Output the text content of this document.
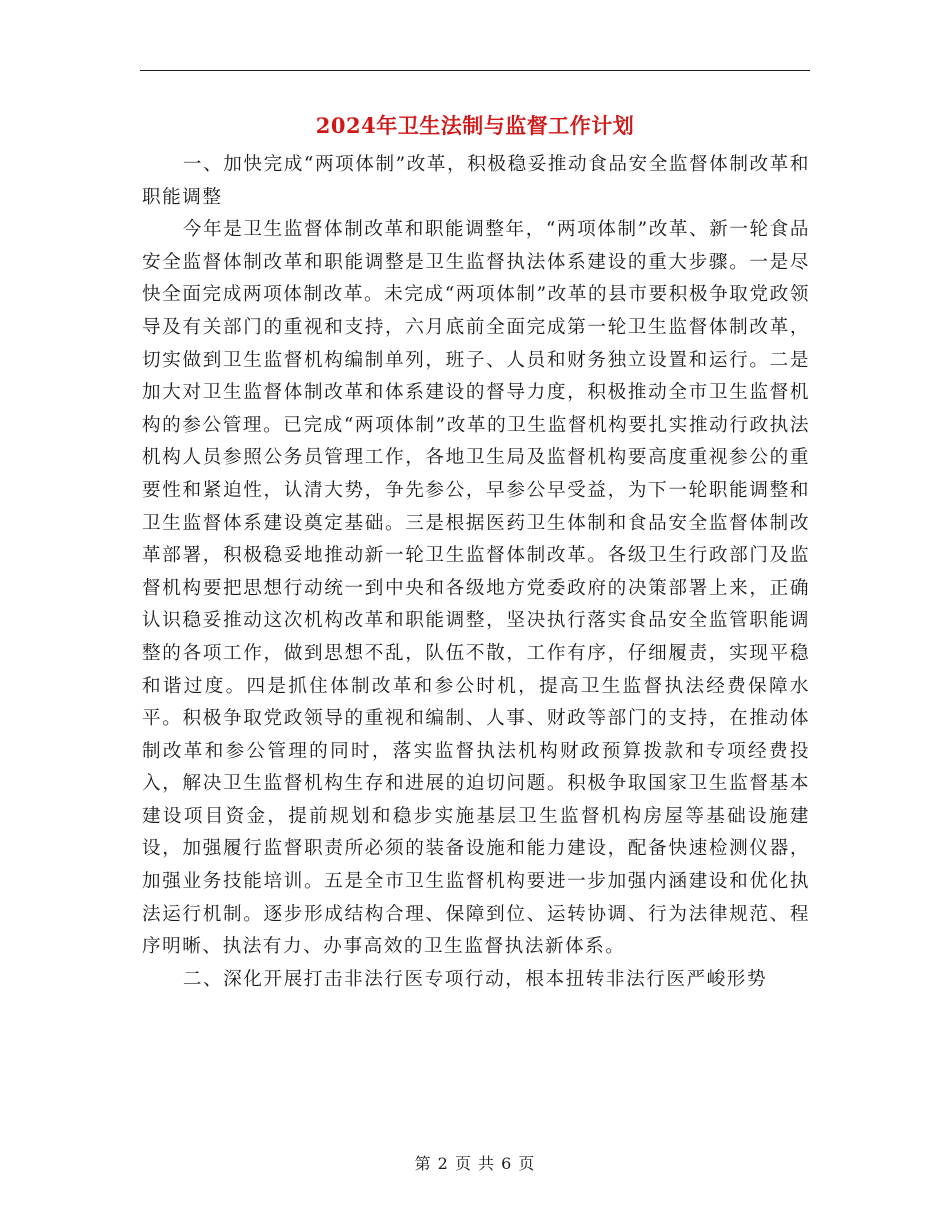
2024年卫生法制与监督工作计划

一、加快完成“两项体制”改革，积极稳妥推动食品安全监督体制改革和职能调整

今年是卫生监督体制改革和职能调整年，“两项体制”改革、新一轮食品安全监督体制改革和职能调整是卫生监督执法体系建设的重大步骤。一是尽快全面完成两项体制改革。未完成“两项体制”改革的县市要积极争取党政领导及有关部门的重视和支持，六月底前全面完成第一轮卫生监督体制改革，切实做到卫生监督机构编制单列，班子、人员和财务独立设置和运行。二是加大对卫生监督体制改革和体系建设的督导力度，积极推动全市卫生监督机构的参公管理。已完成“两项体制”改革的卫生监督机构要扎实推动行政执法机构人员参照公务员管理工作，各地卫生局及监督机构要高度重视参公的重要性和紧迫性，认清大势，争先参公，早参公早受益，为下一轮职能调整和卫生监督体系建设奠定基础。三是根据医药卫生体制和食品安全监督体制改革部署，积极稳妥地推动新一轮卫生监督体制改革。各级卫生行政部门及监督机构要把思想行动统一到中央和各级地方党委政府的决策部署上来，正确认识稳妥推动这次机构改革和职能调整，坚决执行落实食品安全监管职能调整的各项工作，做到思想不乱，队伍不散，工作有序，仔细履责，实现平稳和谐过度。四是抓住体制改革和参公时机，提高卫生监督执法经费保障水平。积极争取党政领导的重视和编制、人事、财政等部门的支持，在推动体制改革和参公管理的同时，落实监督执法机构财政预算拨款和专项经费投入，解决卫生监督机构生存和进展的迫切问题。积极争取国家卫生监督基本建设项目资金，提前规划和稳步实施基层卫生监督机构房屋等基础设施建设，加强履行监督职责所必须的装备设施和能力建设，配备快速检测仪器，加强业务技能培训。五是全市卫生监督机构要进一步加强内涵建设和优化执法运行机制。逐步形成结构合理、保障到位、运转协调、行为法律规范、程序明晰、执法有力、办事高效的卫生监督执法新体系。

二、深化开展打击非法行医专项行动，根本扭转非法行医严峻形势

第 2 页 共 6 页
